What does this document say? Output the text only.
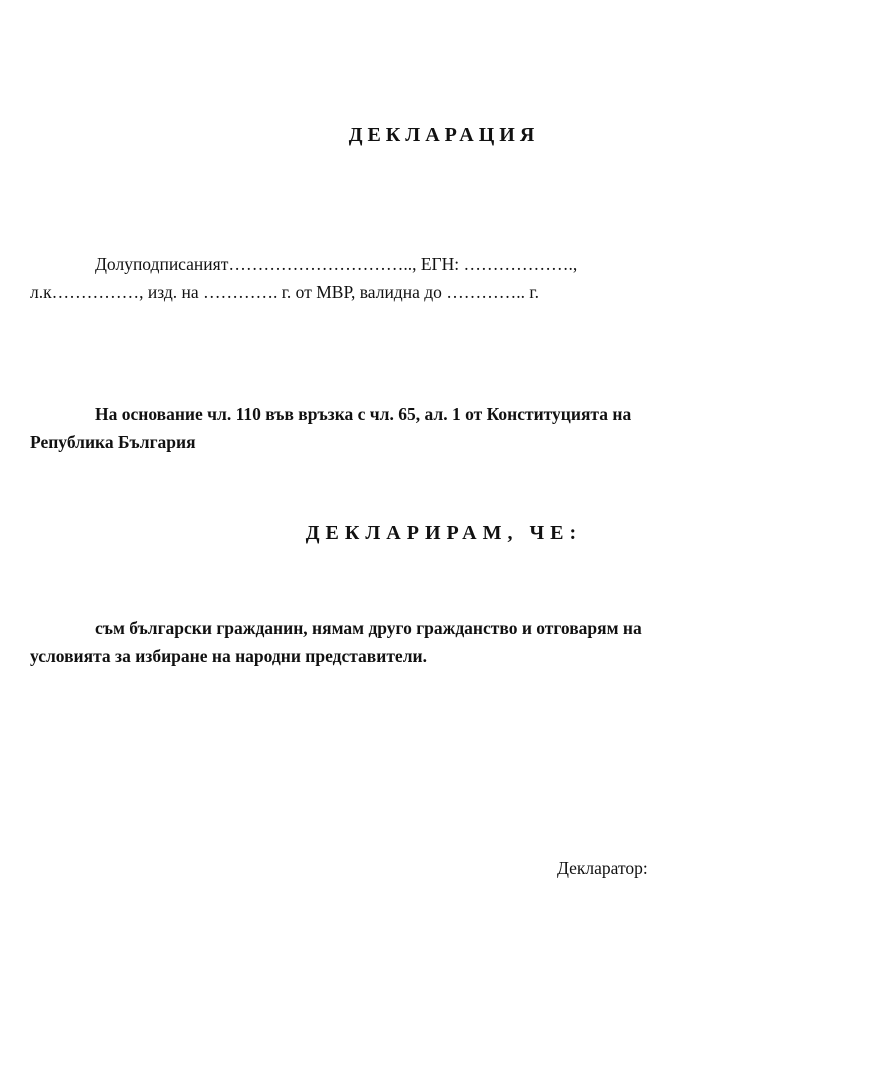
ДЕКЛАРАЦИЯ
Долуподписаният………………………….., ЕГН: ……………….,
л.к……………, изд. на …………. г. от МВР, валидна до ………….. г.
На основание чл. 110 във връзка с чл. 65, ал. 1 от Конституцията на
Република България
ДЕКЛАРИРАМ, ЧЕ:
съм български гражданин, нямам друго гражданство и отговарям на
условията за избиране на народни представители.
Декларатор:
